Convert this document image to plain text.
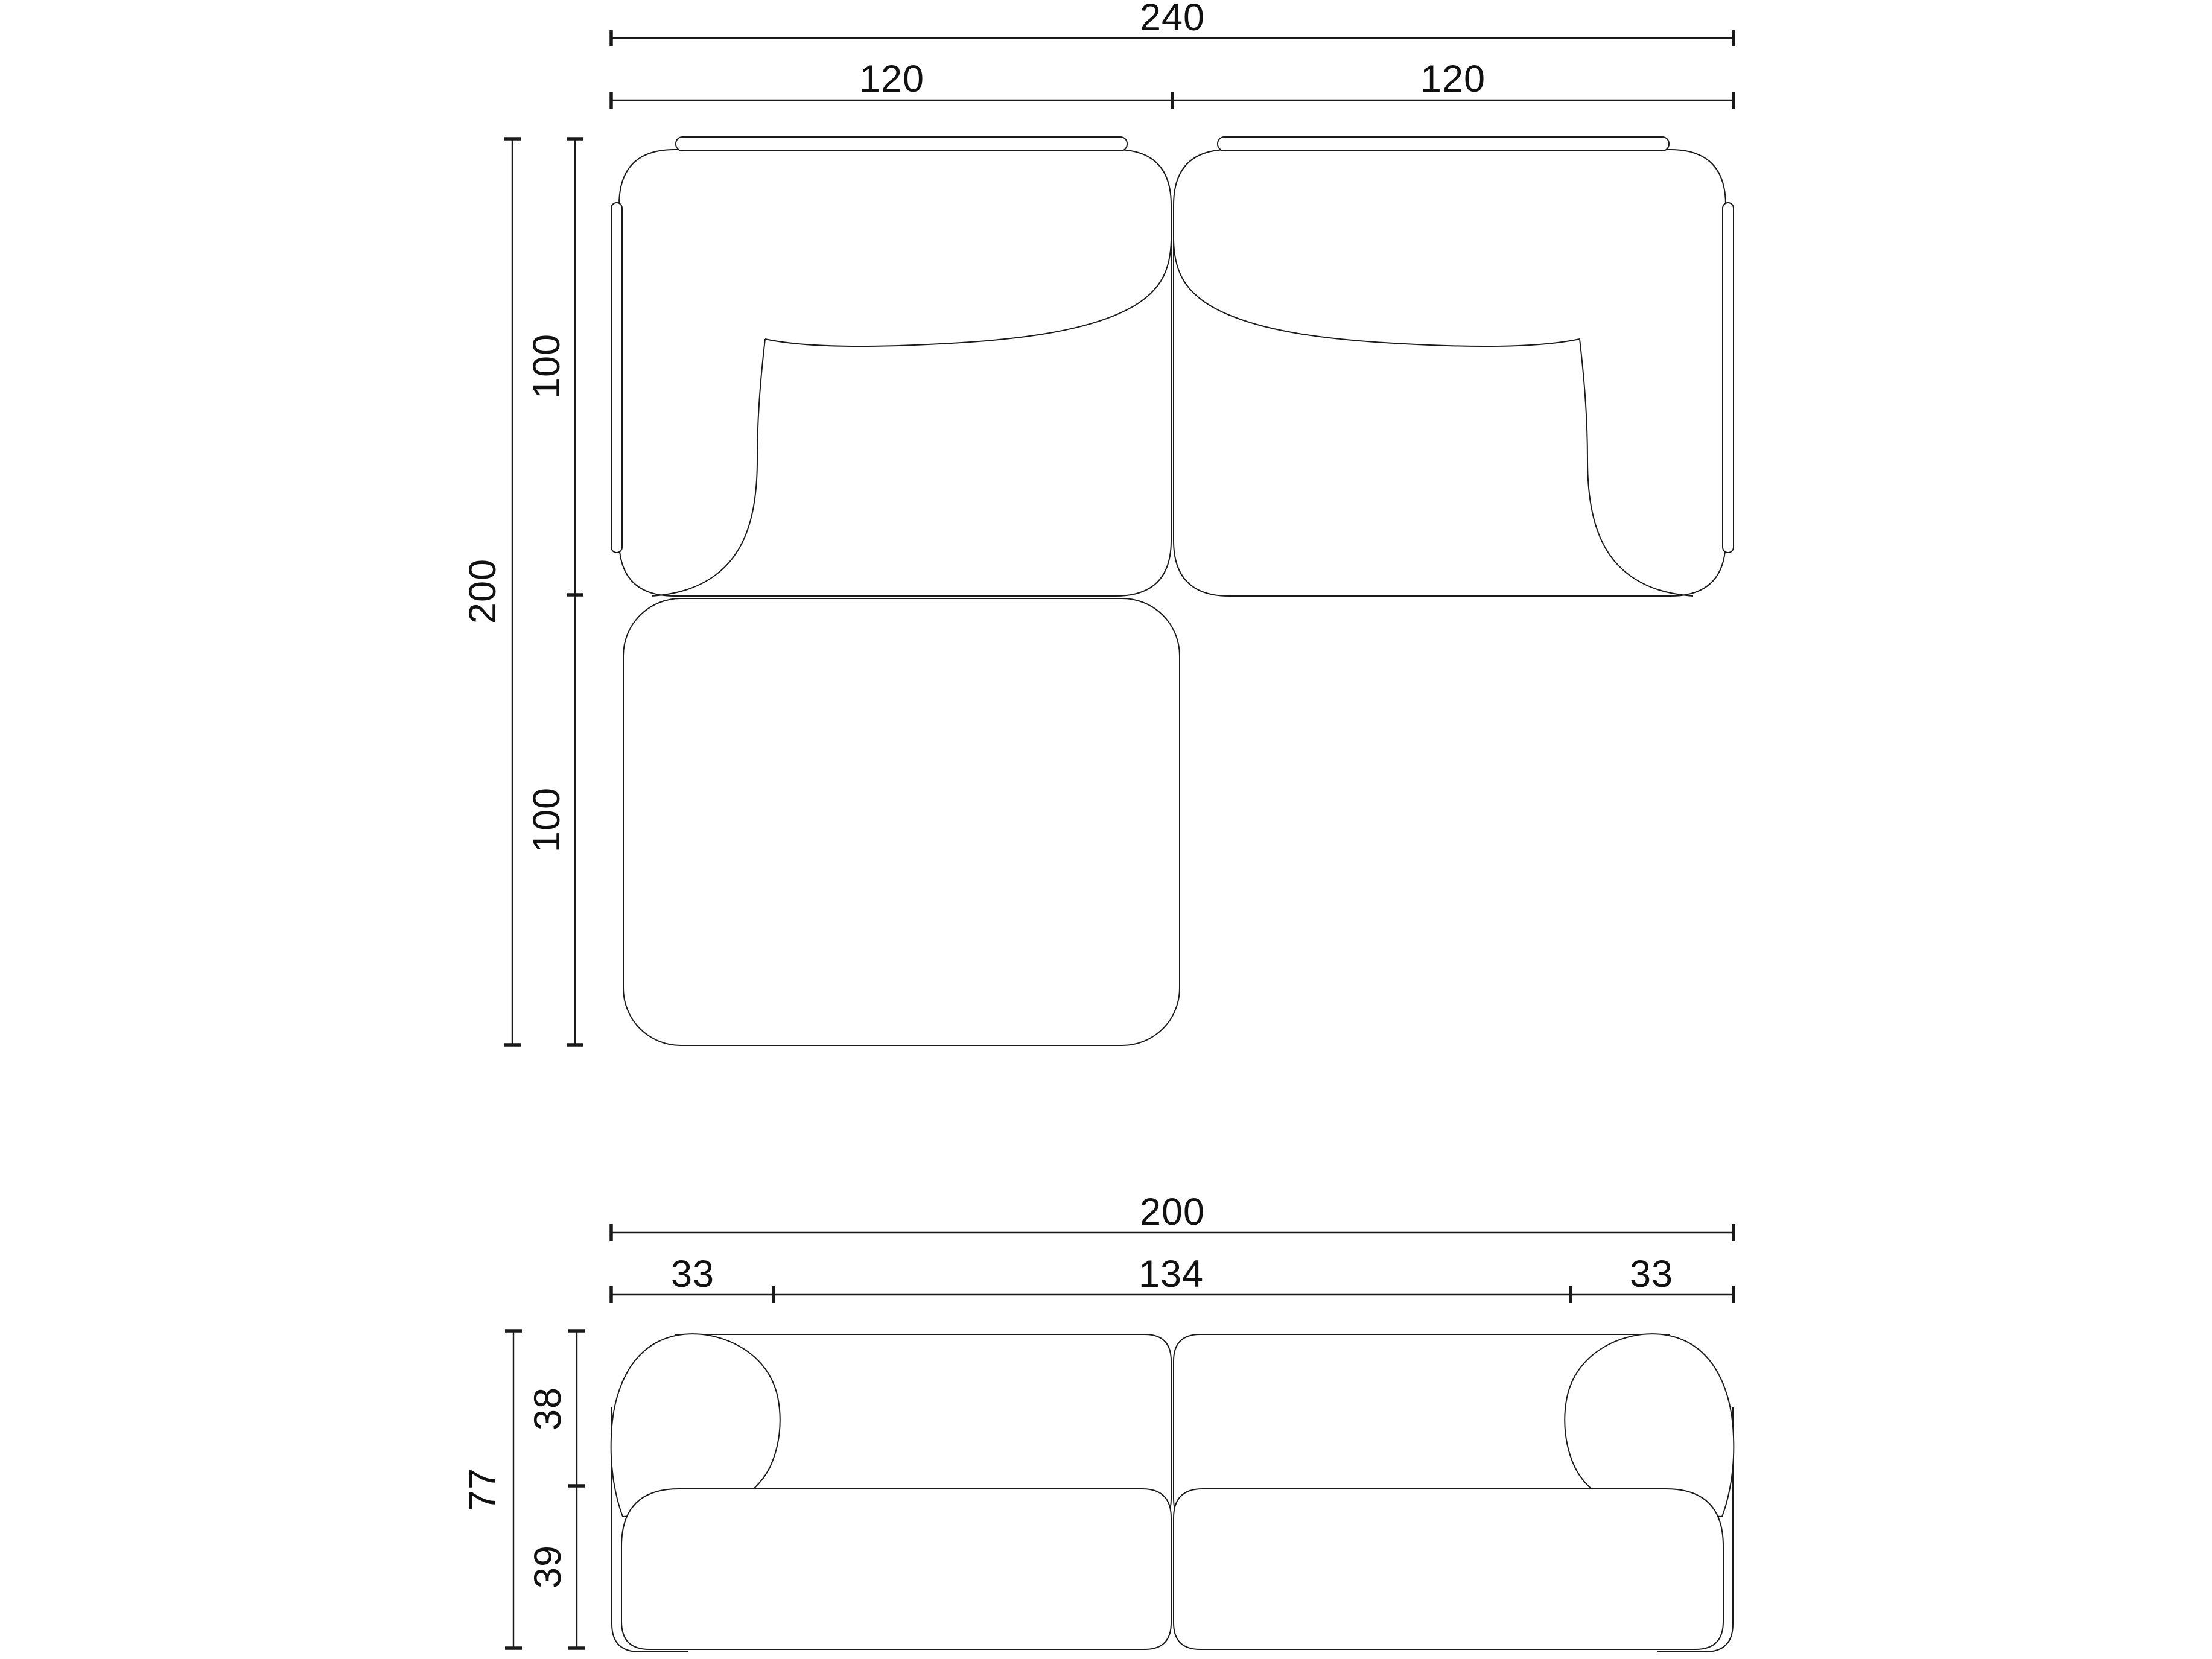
240
120	120
200
100
100
200
33	134	33
77
38
39
